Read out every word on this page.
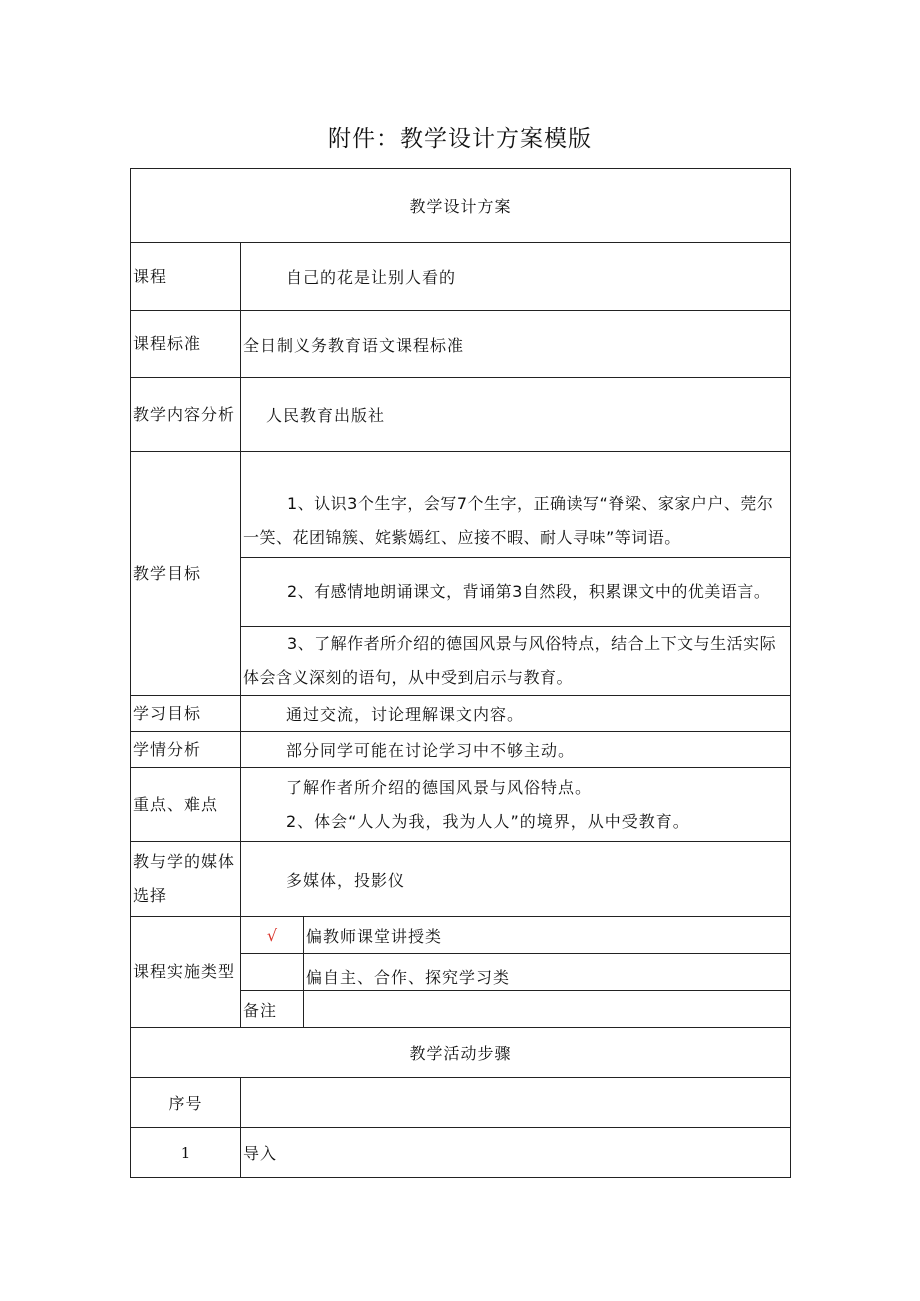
附件：教学设计方案模版
教学设计方案		
课程	自己的花是让别人看的	
课程标准	全日制义务教育语文课程标准	
教学内容分析	人民教育出版社	
教学目标	1、认识3个生字，会写7个生字，正确读写“脊梁、家家户户、莞尔一笑、花团锦簇、姹紫嫣红、应接不暇、耐人寻味”等词语。	

	2、有感情地朗诵课文，背诵第3自然段，积累课文中的优美语言。	

	3、了解作者所介绍的德国风景与风俗特点，结合上下文与生活实际体会含义深刻的语句，从中受到启示与教育。	

学习目标	通过交流，讨论理解课文内容。	
学情分析	部分同学可能在讨论学习中不够主动。	
重点、难点	了解作者所介绍的德国风景与风俗特点。
2、体会“人人为我，我为人人”的境界，从中受教育。	

教与学的媒体选择	多媒体，投影仪	
课程实施类型	√	偏教师课堂讲授类
		偏自主、合作、探究学习类
	备注	
教学活动步骤		
序号		
1	导入	
